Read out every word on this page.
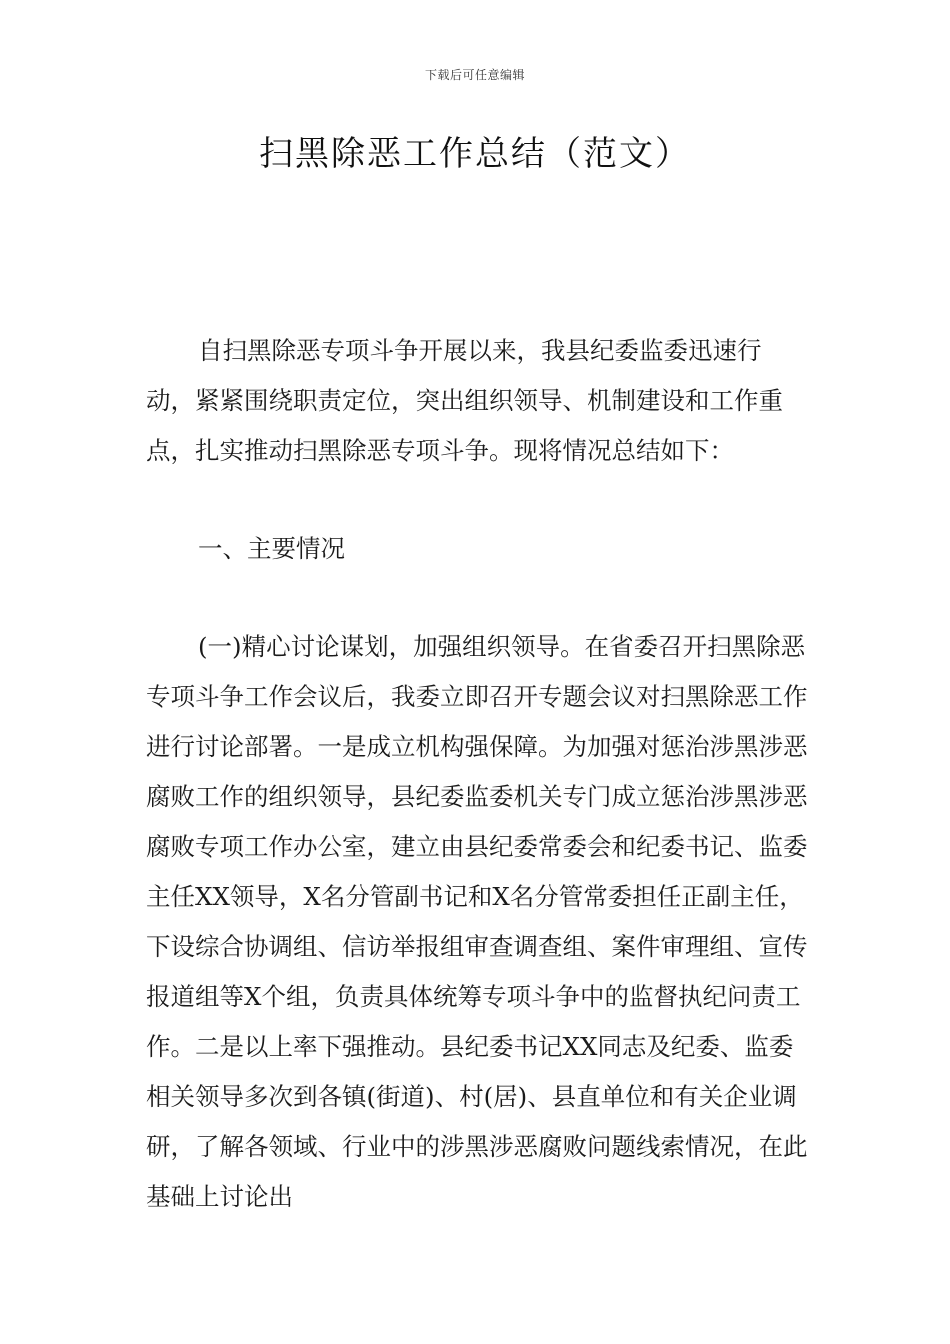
下载后可任意编辑
扫黑除恶工作总结（范文）

自扫黑除恶专项斗争开展以来，我县纪委监委迅速行动，紧紧围绕职责定位，突出组织领导、机制建设和工作重点，扎实推动扫黑除恶专项斗争。现将情况总结如下：

一、主要情况

(一)精心讨论谋划，加强组织领导。在省委召开扫黑除恶专项斗争工作会议后，我委立即召开专题会议对扫黑除恶工作进行讨论部署。一是成立机构强保障。为加强对惩治涉黑涉恶腐败工作的组织领导，县纪委监委机关专门成立惩治涉黑涉恶腐败专项工作办公室，建立由县纪委常委会和纪委书记、监委主任XX领导，X名分管副书记和X名分管常委担任正副主任，下设综合协调组、信访举报组审查调查组、案件审理组、宣传报道组等X个组，负责具体统筹专项斗争中的监督执纪问责工作。二是以上率下强推动。县纪委书记XX同志及纪委、监委相关领导多次到各镇(街道)、村(居)、县直单位和有关企业调研，了解各领域、行业中的涉黑涉恶腐败问题线索情况，在此基础上讨论出
